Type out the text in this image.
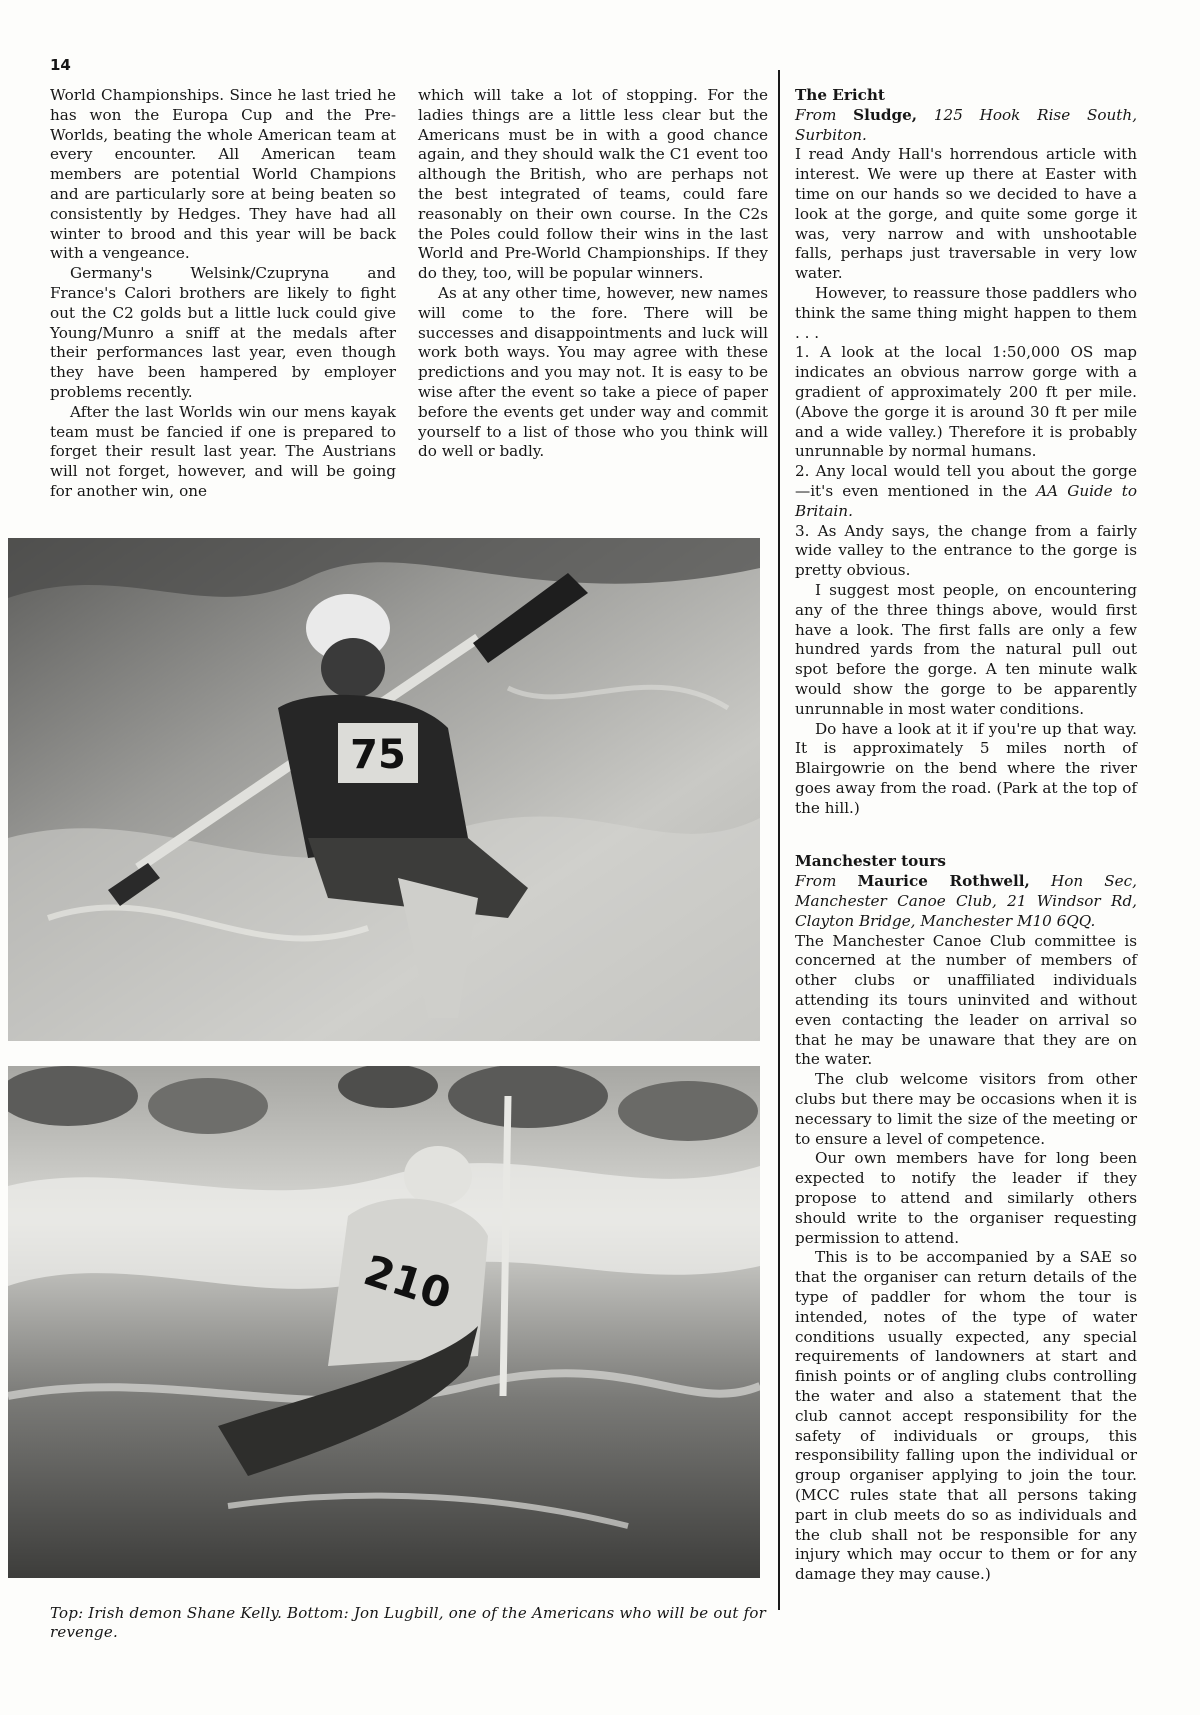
14

World Championships. Since he last tried he has won the Europa Cup and the Pre-Worlds, beating the whole American team at every encounter. All American team members are potential World Champions and are particularly sore at being beaten so consistently by Hedges. They have had all winter to brood and this year will be back with a vengeance.

Germany's Welsink/Czupryna and France's Calori brothers are likely to fight out the C2 golds but a little luck could give Young/Munro a sniff at the medals after their performances last year, even though they have been hampered by employer problems recently.

After the last Worlds win our mens kayak team must be fancied if one is prepared to forget their result last year. The Austrians will not forget, however, and will be going for another win, one

which will take a lot of stopping. For the ladies things are a little less clear but the Americans must be in with a good chance again, and they should walk the C1 event too although the British, who are perhaps not the best integrated of teams, could fare reasonably on their own course. In the C2s the Poles could follow their wins in the last World and Pre-World Championships. If they do they, too, will be popular winners.

As at any other time, however, new names will come to the fore. There will be successes and disappointments and luck will work both ways. You may agree with these predictions and you may not. It is easy to be wise after the event so take a piece of paper before the events get under way and commit yourself to a list of those who you think will do well or badly.

The Ericht

From Sludge, 125 Hook Rise South, Surbiton.

I read Andy Hall's horrendous article with interest. We were up there at Easter with time on our hands so we decided to have a look at the gorge, and quite some gorge it was, very narrow and with unshootable falls, perhaps just traversable in very low water.

However, to reassure those paddlers who think the same thing might happen to them . . .

1. A look at the local 1:50,000 OS map indicates an obvious narrow gorge with a gradient of approximately 200 ft per mile. (Above the gorge it is around 30 ft per mile and a wide valley.) Therefore it is probably unrunnable by normal humans.

2. Any local would tell you about the gorge—it's even mentioned in the AA Guide to Britain.

3. As Andy says, the change from a fairly wide valley to the entrance to the gorge is pretty obvious.

I suggest most people, on encountering any of the three things above, would first have a look. The first falls are only a few hundred yards from the natural pull out spot before the gorge. A ten minute walk would show the gorge to be apparently unrunnable in most water conditions.

Do have a look at it if you're up that way. It is approximately 5 miles north of Blairgowrie on the bend where the river goes away from the road. (Park at the top of the hill.)

Manchester tours

From Maurice Rothwell, Hon Sec, Manchester Canoe Club, 21 Windsor Rd, Clayton Bridge, Manchester M10 6QQ.

The Manchester Canoe Club committee is concerned at the number of members of other clubs or unaffiliated individuals attending its tours uninvited and without even contacting the leader on arrival so that he may be unaware that they are on the water.

The club welcome visitors from other clubs but there may be occasions when it is necessary to limit the size of the meeting or to ensure a level of competence.

Our own members have for long been expected to notify the leader if they propose to attend and similarly others should write to the organiser requesting permission to attend.

This is to be accompanied by a SAE so that the organiser can return details of the type of paddler for whom the tour is intended, notes of the type of water conditions usually expected, any special requirements of landowners at start and finish points or of angling clubs controlling the water and also a statement that the club cannot accept responsibility for the safety of individuals or groups, this responsibility falling upon the individual or group organiser applying to join the tour. (MCC rules state that all persons taking part in club meets do so as individuals and the club shall not be responsible for any injury which may occur to them or for any damage they may cause.)

75
210
Top: Irish demon Shane Kelly. Bottom: Jon Lugbill, one of the Americans who will be out for revenge.
